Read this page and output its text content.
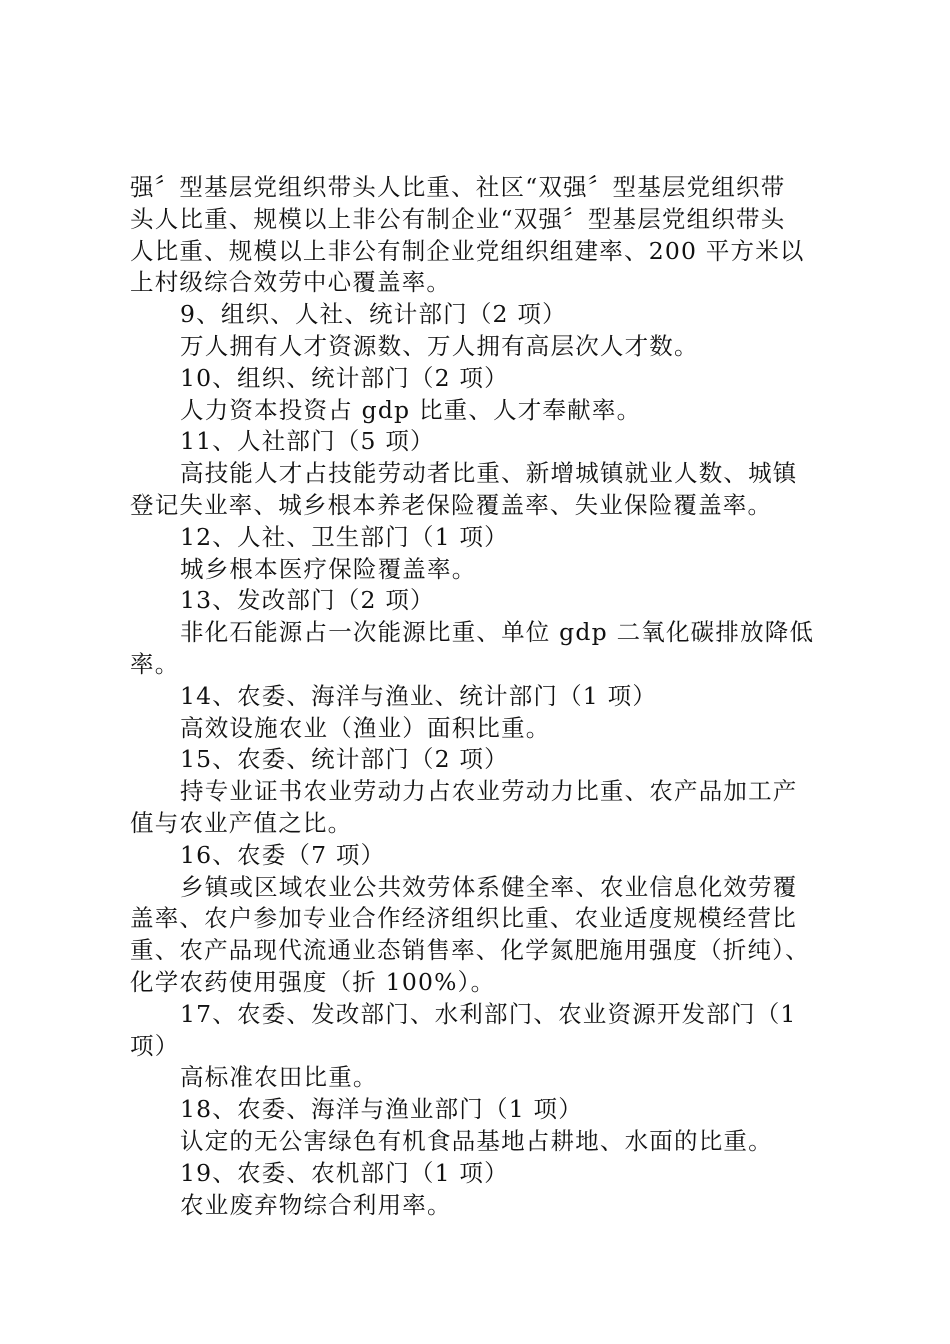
强〞型基层党组织带头人比重、社区“双强〞型基层党组织带
头人比重、规模以上非公有制企业“双强〞型基层党组织带头
人比重、规模以上非公有制企业党组织组建率、200 平方米以
上村级综合效劳中心覆盖率。
9、组织、人社、统计部门（2 项）
万人拥有人才资源数、万人拥有高层次人才数。
10、组织、统计部门（2 项）
人力资本投资占 gdp 比重、人才奉献率。
11、人社部门（5 项）
高技能人才占技能劳动者比重、新增城镇就业人数、城镇
登记失业率、城乡根本养老保险覆盖率、失业保险覆盖率。
12、人社、卫生部门（1 项）
城乡根本医疗保险覆盖率。
13、发改部门（2 项）
非化石能源占一次能源比重、单位 gdp 二氧化碳排放降低
率。
14、农委、海洋与渔业、统计部门（1 项）
高效设施农业（渔业）面积比重。
15、农委、统计部门（2 项）
持专业证书农业劳动力占农业劳动力比重、农产品加工产
值与农业产值之比。
16、农委（7 项）
乡镇或区域农业公共效劳体系健全率、农业信息化效劳覆
盖率、农户参加专业合作经济组织比重、农业适度规模经营比
重、农产品现代流通业态销售率、化学氮肥施用强度（折纯）、
化学农药使用强度（折 100%）。
17、农委、发改部门、水利部门、农业资源开发部门（1
项）
高标准农田比重。
18、农委、海洋与渔业部门（1 项）
认定的无公害绿色有机食品基地占耕地、水面的比重。
19、农委、农机部门（1 项）
农业废弃物综合利用率。
